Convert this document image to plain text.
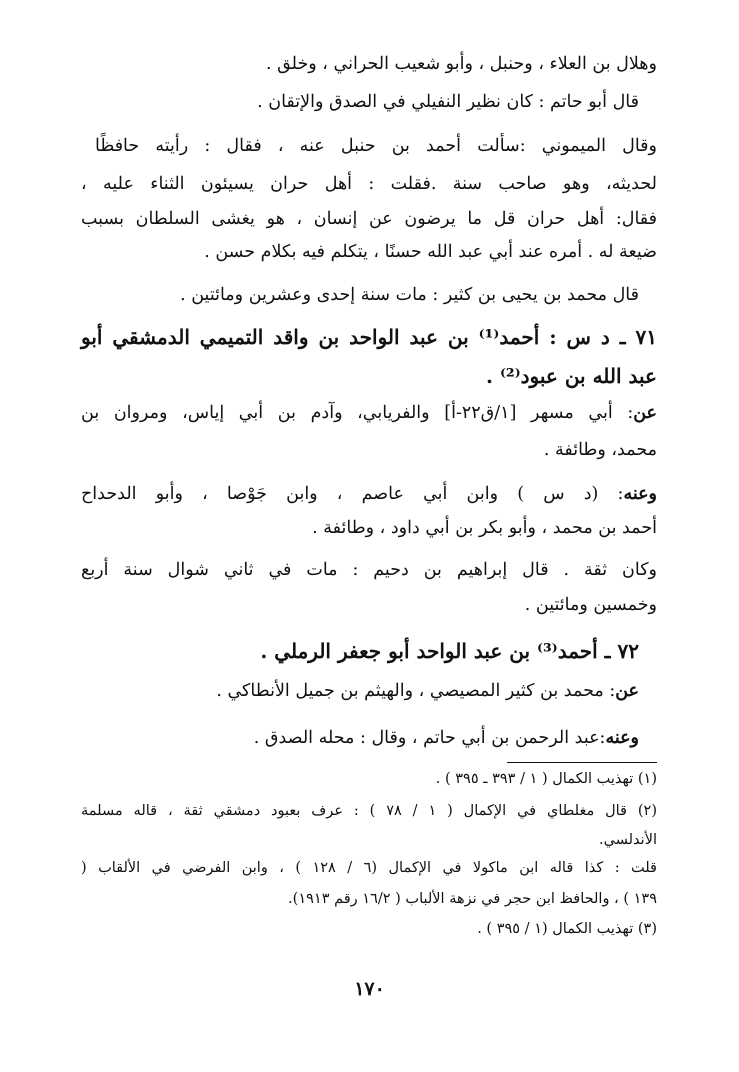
وهلال بن العلاء ، وحنبل ، وأبو شعيب الحراني ، وخلق .
قال أبو حاتم : كان نظير النفيلي في الصدق والإتقان .
وقال الميموني :سألت أحمد بن حنبل عنه ، فقال : رأيته حافظًا
لحديثه، وهو صاحب سنة .فقلت : أهل حران يسيئون الثناء عليه ،
فقال: أهل حران قل ما يرضون عن إنسان ، هو يغشى السلطان بسبب
ضيعة له . أمره عند أبي عبد الله حسنًا ، يتكلم فيه بكلام حسن .
قال محمد بن يحيى بن كثير : مات سنة إحدى وعشرين ومائتين .
٧١ ـ د س : أحمد⁽¹⁾ بن عبد الواحد بن واقد التميمي الدمشقي أبو
عبد الله بن عبود⁽²⁾ .
عن: أبي مسهر [١/ق٢٢-أ] والفريابي، وآدم بن أبي إياس، ومروان بن
محمد، وطائفة .
وعنه: (د س ) وابن أبي عاصم ، وابن جَوْصا ، وأبو الدحداح
أحمد بن محمد ، وأبو بكر بن أبي داود ، وطائفة .
وكان ثقة . قال إبراهيم بن دحيم : مات في ثاني شوال سنة أربع
وخمسين ومائتين .
٧٢ ـ أحمد⁽³⁾ بن عبد الواحد أبو جعفر الرملي .
عن: محمد بن كثير المصيصي ، والهيثم بن جميل الأنطاكي .
وعنه:عبد الرحمن بن أبي حاتم ، وقال : محله الصدق .
(١) تهذيب الكمال ( ١ / ٣٩٣ ـ ٣٩٥ ) .
(٢) قال مغلطاي في الإكمال ( ١ / ٧٨ ) : عرف بعبود دمشقي ثقة ، قاله مسلمة
الأندلسي.
قلت : كذا قاله ابن ماكولا في الإكمال (٦ / ١٢٨ ) ، وابن الفرضي في الألقاب (
١٣٩ ) ، والحافظ ابن حجر في نزهة الألباب ( ١٦/٢ رقم ١٩١٣).
(٣) تهذيب الكمال (١ / ٣٩٥ ) .
١٧٠
